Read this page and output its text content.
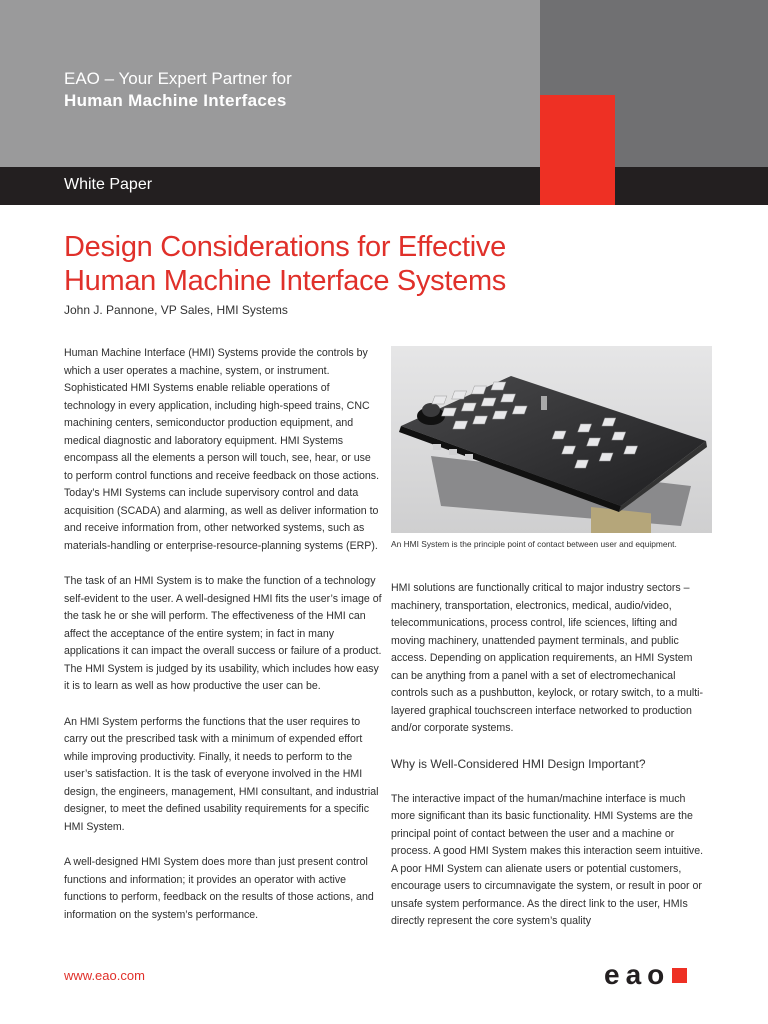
EAO – Your Expert Partner for
Human Machine Interfaces
White Paper
Design Considerations for Effective
Human Machine Interface Systems
John J. Pannone, VP Sales, HMI Systems

Human Machine Interface (HMI) Systems provide the controls by which a user operates a machine, system, or instrument. Sophisticated HMI Systems enable reliable operations of technology in every application, including high-speed trains, CNC machining centers, semiconductor production equipment, and medical diagnostic and laboratory equipment. HMI Systems encompass all the elements a person will touch, see, hear, or use to perform control functions and receive feedback on those actions. Today’s HMI Systems can include supervisory control and data acquisition (SCADA) and alarming, as well as deliver information to and receive information from, other networked systems, such as materials-handling or enterprise-resource-planning systems (ERP).

The task of an HMI System is to make the function of a technology self-evident to the user. A well-designed HMI fits the user’s image of the task he or she will perform. The effectiveness of the HMI can affect the acceptance of the entire system; in fact in many applications it can impact the overall success or failure of a product. The HMI System is judged by its usability, which includes how easy it is to learn as well as how productive the user can be.

An HMI System performs the functions that the user requires to carry out the prescribed task with a minimum of expended effort while improving productivity. Finally, it needs to perform to the user’s satisfaction. It is the task of everyone involved in the HMI design, the engineers, management, HMI consultant, and industrial designer, to meet the defined usability requirements for a specific HMI System.

A well-designed HMI System does more than just present control functions and information; it provides an operator with active functions to perform, feedback on the results of those actions, and information on the system’s performance.

An HMI System is the principle point of contact between user and equipment.

HMI solutions are functionally critical to major industry sectors – machinery, transportation, electronics, medical, audio/video, telecommunications, process control, life sciences, lifting and moving machinery, unattended payment terminals, and public access. Depending on application requirements, an HMI System can be anything from a panel with a set of electromechanical controls such as a pushbutton, keylock, or rotary switch, to a multi-layered graphical touchscreen interface networked to production and/or corporate systems.

Why is Well-Considered HMI Design Important?

The interactive impact of the human/machine interface is much more significant than its basic functionality. HMI Systems are the principal point of contact between the user and a machine or process. A good HMI System makes this interaction seem intuitive. A poor HMI System can alienate users or potential customers, encourage users to circumnavigate the system, or result in poor or unsafe system performance. As the direct link to the user, HMIs directly represent the core system’s quality

www.eao.com	eao
